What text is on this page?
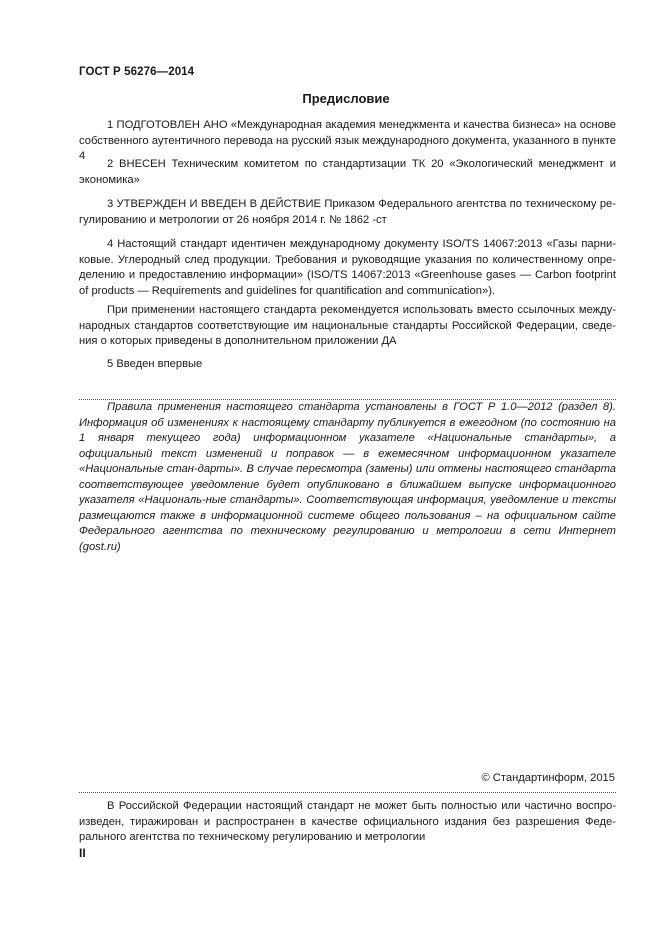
ГОСТ Р 56276—2014
Предисловие

1 ПОДГОТОВЛЕН АНО «Международная академия менеджмента и качества бизнеса» на основе собственного аутентичного перевода на русский язык международного документа, указанного в пункте 4

2 ВНЕСЕН Техническим комитетом по стандартизации ТК 20 «Экологический менеджмент и экономика»

3 УТВЕРЖДЕН И ВВЕДЕН В ДЕЙСТВИЕ Приказом Федерального агентства по техническому ре-гулированию и метрологии от 26 ноября 2014 г. № 1862 -ст

4 Настоящий стандарт идентичен международному документу ISO/TS 14067:2013 «Газы парни-ковые. Углеродный след продукции. Требования и руководящие указания по количественному опре-делению и предоставлению информации» (ISO/TS 14067:2013 «Greenhouse gases — Carbon footprint of products — Requirements and guidelines for quantification and communication»).

При применении настоящего стандарта рекомендуется использовать вместо ссылочных между-народных стандартов соответствующие им национальные стандарты Российской Федерации, сведе-ния о которых приведены в дополнительном приложении ДА

5 Введен впервые

Правила применения настоящего стандарта установлены в ГОСТ Р 1.0—2012 (раздел 8). Информация об изменениях к настоящему стандарту публикуется в ежегодном (по состоянию на 1 января текущего года) информационном указателе «Национальные стандарты», а официальный текст изменений и поправок — в ежемесячном информационном указателе «Национальные стан-дарты». В случае пересмотра (замены) или отмены настоящего стандарта соответствующее уведомление будет опубликовано в ближайшем выпуске информационного указателя «Националь-ные стандарты». Соответствующая информация, уведомление и тексты размещаются также в информационной системе общего пользования – на официальном сайте Федерального агентства по техническому регулированию и метрологии в сети Интернет (gost.ru)

© Стандартинформ, 2015

В Российской Федерации настоящий стандарт не может быть полностью или частично воспро-изведен, тиражирован и распространен в качестве официального издания без разрешения Феде-рального агентства по техническому регулированию и метрологии

II
